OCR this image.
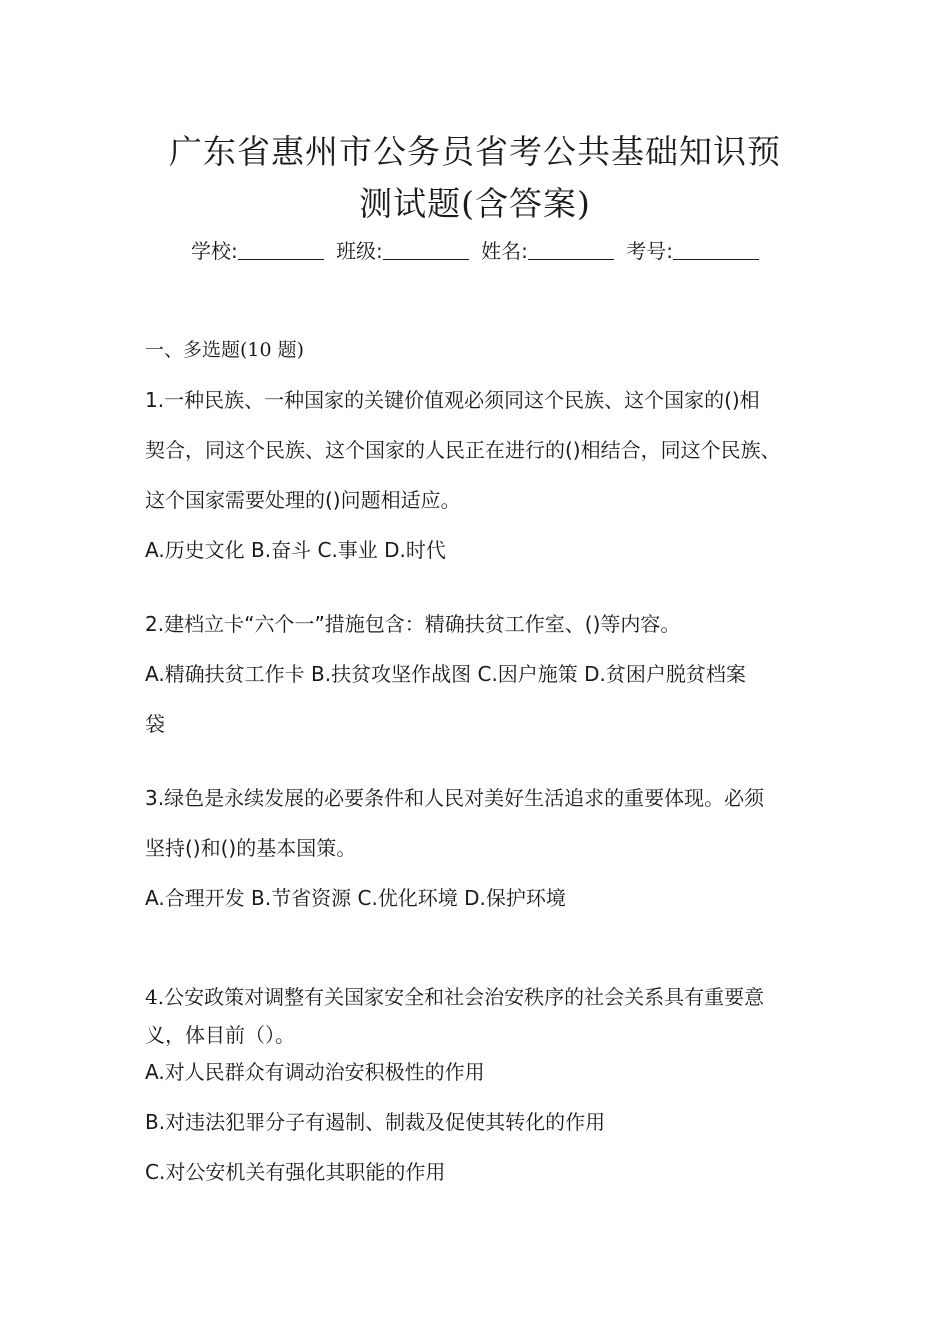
广东省惠州市公务员省考公共基础知识预
测试题(含答案)
学校:	班级:	姓名:	考号:
一、多选题(10 题)
1.一种民族、一种国家的关键价值观必须同这个民族、这个国家的()相
契合，同这个民族、这个国家的人民正在进行的()相结合，同这个民族、
这个国家需要处理的()问题相适应。
A.历史文化 B.奋斗 C.事业 D.时代
2.建档立卡“六个一”措施包含：精确扶贫工作室、()等内容。
A.精确扶贫工作卡 B.扶贫攻坚作战图 C.因户施策 D.贫困户脱贫档案
袋
3.绿色是永续发展的必要条件和人民对美好生活追求的重要体现。必须
坚持()和()的基本国策。
A.合理开发 B.节省资源 C.优化环境 D.保护环境
4.公安政策对调整有关国家安全和社会治安秩序的社会关系具有重要意
义，体目前（）。
A.对人民群众有调动治安积极性的作用
B.对违法犯罪分子有遏制、制裁及促使其转化的作用
C.对公安机关有强化其职能的作用
